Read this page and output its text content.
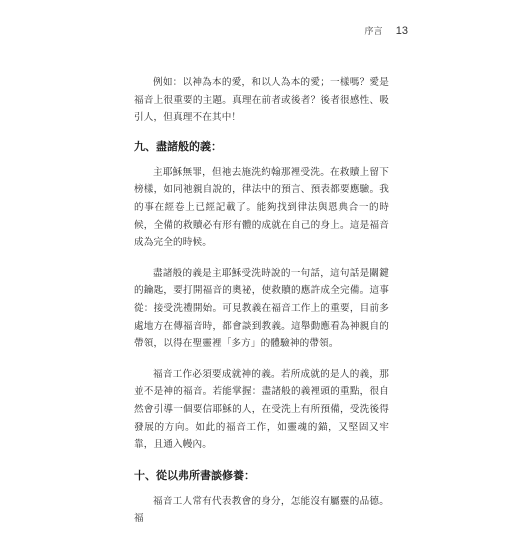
序言 13

例如：以神為本的愛，和以人為本的愛；一樣嗎？愛是福音上很重要的主題。真理在前者或後者？後者很感性、吸引人，但真理不在其中！

九、盡諸般的義：

主耶穌無罪，但祂去施洗約翰那裡受洗。在救贖上留下榜樣，如同祂親自說的，律法中的預言、預表都要應驗。我的事在經卷上已經記載了。能夠找到律法與恩典合一的時候，全備的救贖必有形有體的成就在自己的身上。這是福音成為完全的時候。

盡諸般的義是主耶穌受洗時說的一句話，這句話是關鍵的鑰匙，要打開福音的奧祕，使救贖的應許成全完備。這事從：接受洗禮開始。可見教義在福音工作上的重要，目前多處地方在傳福音時，都會談到教義。這舉動應看為神親自的帶領，以得在聖靈裡「多方」的體驗神的帶領。

福音工作必須要成就神的義。若所成就的是人的義，那並不是神的福音。若能掌握：盡諸般的義裡頭的重點，很自然會引導一個要信耶穌的人，在受洗上有所預備，受洗後得發展的方向。如此的福音工作，如靈魂的錨，又堅固又牢靠，且通入幔內。

十、從以弗所書談修養：

福音工人常有代表教會的身分，怎能沒有屬靈的品德。福
